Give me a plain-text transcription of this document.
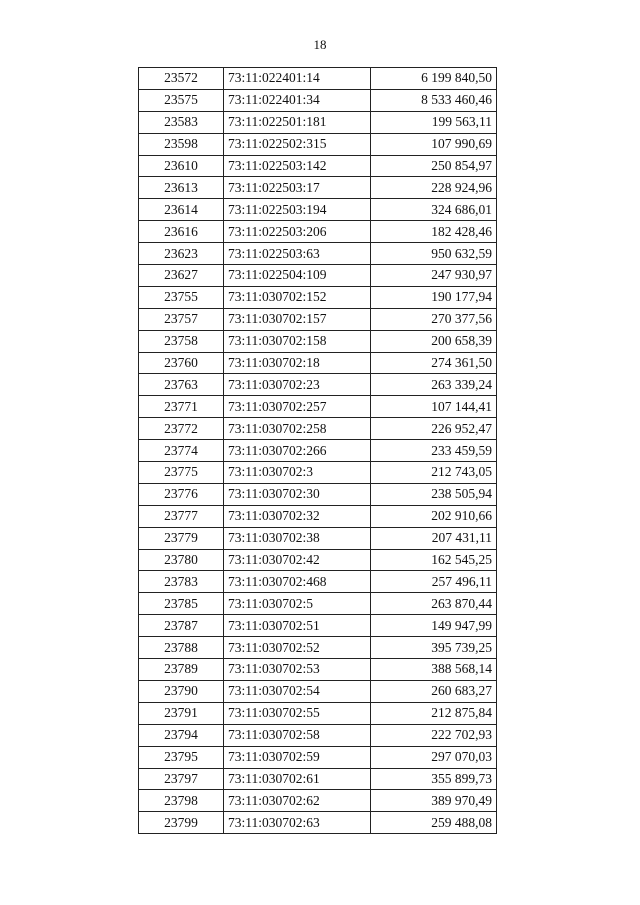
18
23572	73:11:022401:14	6 199 840,50
23575	73:11:022401:34	8 533 460,46
23583	73:11:022501:181	199 563,11
23598	73:11:022502:315	107 990,69
23610	73:11:022503:142	250 854,97
23613	73:11:022503:17	228 924,96
23614	73:11:022503:194	324 686,01
23616	73:11:022503:206	182 428,46
23623	73:11:022503:63	950 632,59
23627	73:11:022504:109	247 930,97
23755	73:11:030702:152	190 177,94
23757	73:11:030702:157	270 377,56
23758	73:11:030702:158	200 658,39
23760	73:11:030702:18	274 361,50
23763	73:11:030702:23	263 339,24
23771	73:11:030702:257	107 144,41
23772	73:11:030702:258	226 952,47
23774	73:11:030702:266	233 459,59
23775	73:11:030702:3	212 743,05
23776	73:11:030702:30	238 505,94
23777	73:11:030702:32	202 910,66
23779	73:11:030702:38	207 431,11
23780	73:11:030702:42	162 545,25
23783	73:11:030702:468	257 496,11
23785	73:11:030702:5	263 870,44
23787	73:11:030702:51	149 947,99
23788	73:11:030702:52	395 739,25
23789	73:11:030702:53	388 568,14
23790	73:11:030702:54	260 683,27
23791	73:11:030702:55	212 875,84
23794	73:11:030702:58	222 702,93
23795	73:11:030702:59	297 070,03
23797	73:11:030702:61	355 899,73
23798	73:11:030702:62	389 970,49
23799	73:11:030702:63	259 488,08
